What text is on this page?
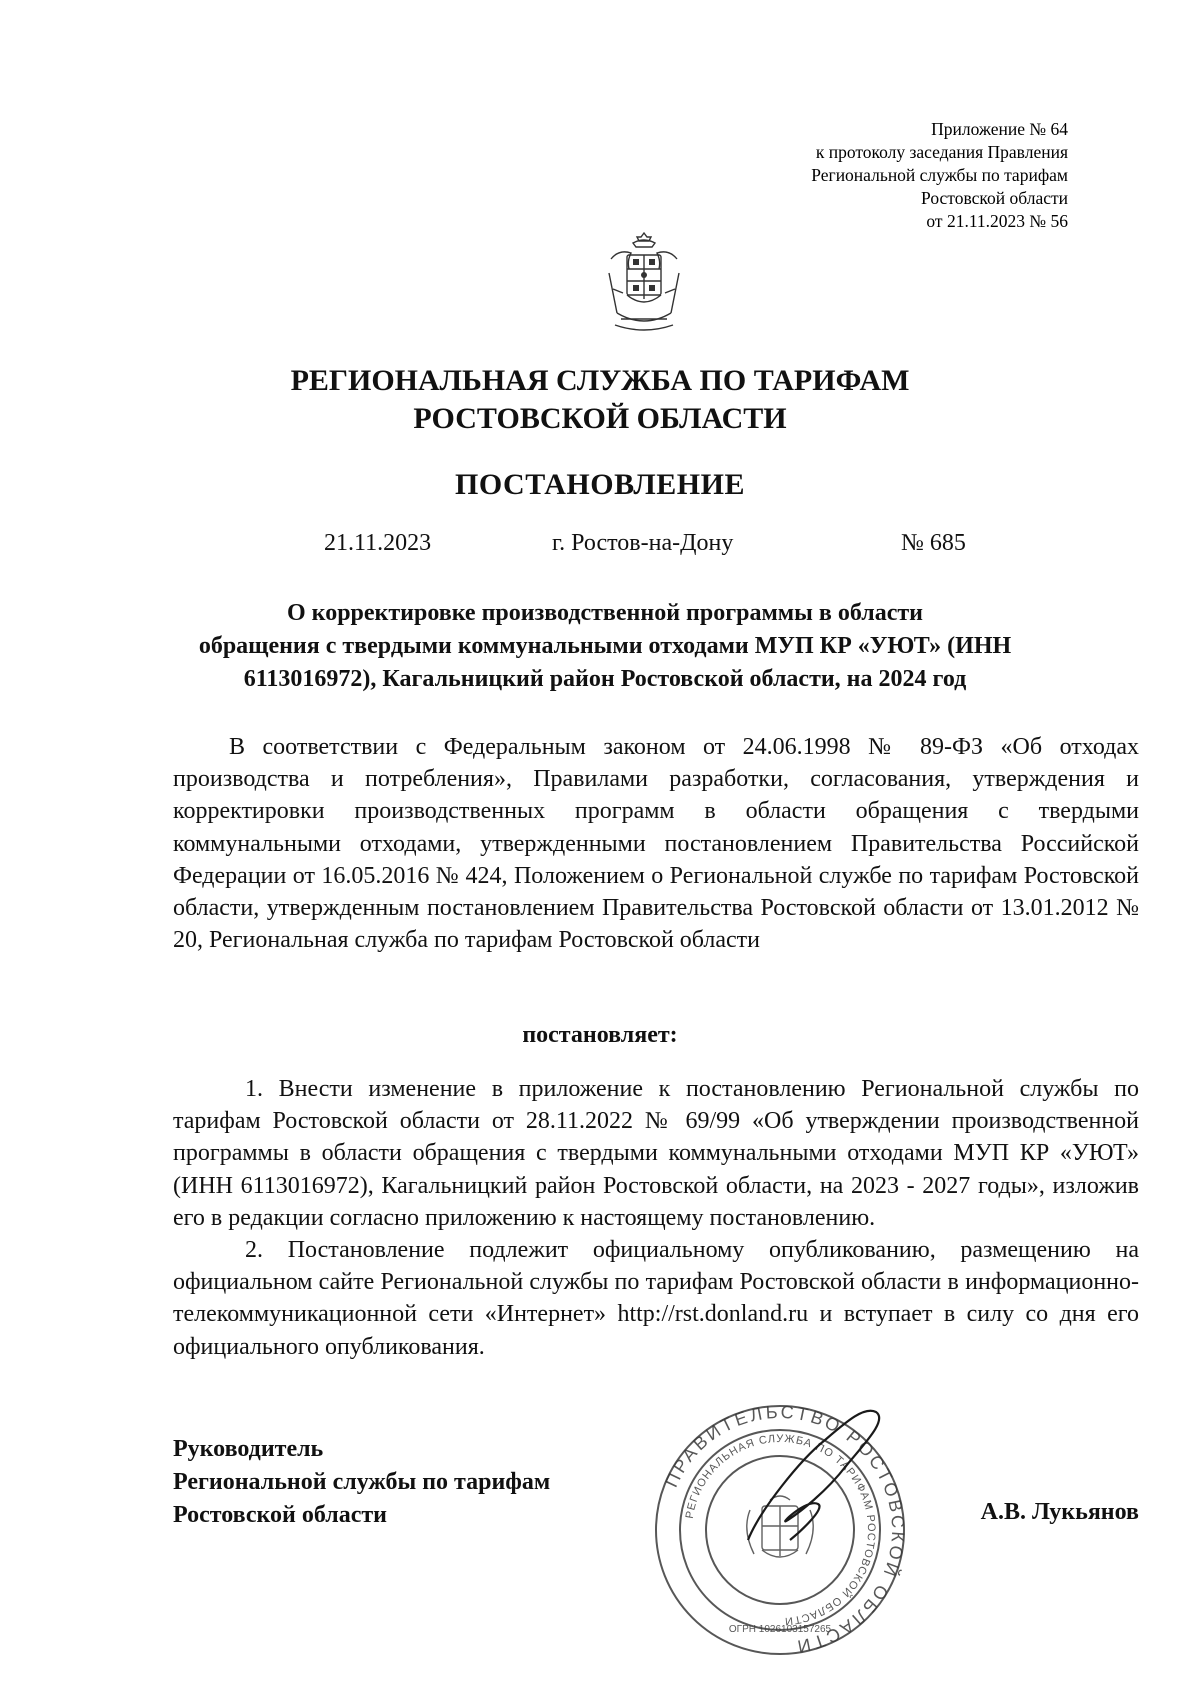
Приложение № 64
к протоколу заседания Правления
Региональной службы по тарифам
Ростовской области
от 21.11.2023 № 56
РЕГИОНАЛЬНАЯ СЛУЖБА ПО ТАРИФАМ
РОСТОВСКОЙ ОБЛАСТИ
ПОСТАНОВЛЕНИЕ
21.11.2023	г. Ростов-на-Дону	№ 685
О корректировке производственной программы в области
обращения с твердыми коммунальными отходами МУП КР «УЮТ» (ИНН
6113016972), Кагальницкий район Ростовской области, на 2024 год
В соответствии с Федеральным законом от 24.06.1998 № 89-ФЗ «Об отходах производства и потребления», Правилами разработки, согласования, утверждения и корректировки производственных программ в области обращения с твердыми коммунальными отходами, утвержденными постановлением Правительства Российской Федерации от 16.05.2016 № 424, Положением о Региональной службе по тарифам Ростовской области, утвержденным постановлением Правительства Ростовской области от 13.01.2012 № 20, Региональная служба по тарифам Ростовской области
постановляет:

1. Внести изменение в приложение к постановлению Региональной службы по тарифам Ростовской области от 28.11.2022 № 69/99 «Об утверждении производственной программы в области обращения с твердыми коммунальными отходами МУП КР «УЮТ» (ИНН 6113016972), Кагальницкий район Ростовской области, на 2023 - 2027 годы», изложив его в редакции согласно приложению к настоящему постановлению.

2. Постановление подлежит официальному опубликованию, размещению на официальном сайте Региональной службы по тарифам Ростовской области в информационно-телекоммуникационной сети «Интернет» http://rst.donland.ru и вступает в силу со дня его официального опубликования.

Руководитель
Региональной службы по тарифам
Ростовской области
ПРАВИТЕЛЬСТВО РОСТОВСКОЙ ОБЛАСТИ
РЕГИОНАЛЬНАЯ СЛУЖБА ПО ТАРИФАМ РОСТОВСКОЙ ОБЛАСТИ
ОГРН 1026103157265
А.В. Лукьянов
